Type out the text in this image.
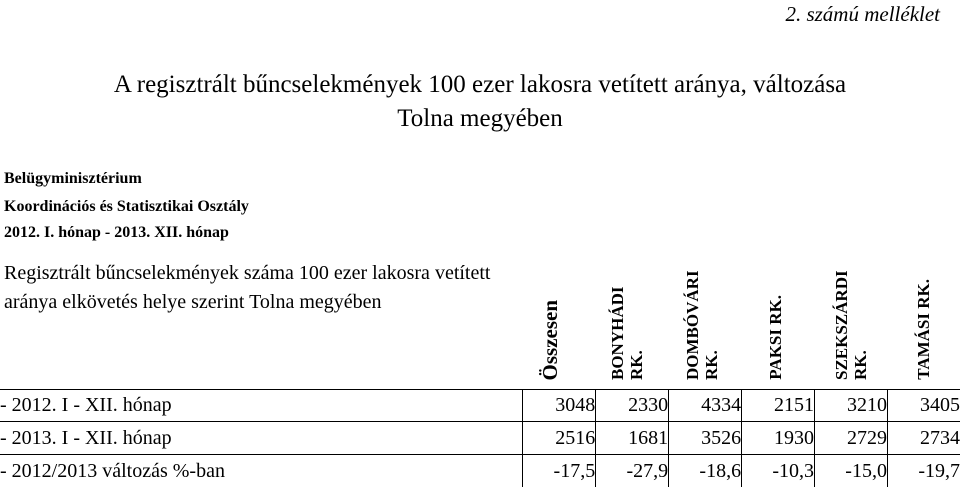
2. számú melléklet
A regisztrált bűncselekmények 100 ezer lakosra vetített aránya, változása
Tolna megyében
Belügyminisztérium
Koordinációs és Statisztikai Osztály
2012. I. hónap - 2013. XII. hónap
Regisztrált bűncselekmények száma 100 ezer lakosra vetített aránya elkövetés helye szerint Tolna megyében	Összesen	BONYHÁDI RK.	DOMBÓVÁRI RK.	PAKSI RK.	SZEKSZÁRDI RK.	TAMÁSI RK.
- 2012. I - XII. hónap	3048	2330	4334	2151	3210	3405
- 2013. I - XII. hónap	2516	1681	3526	1930	2729	2734
- 2012/2013 változás %-ban	-17,5	-27,9	-18,6	-10,3	-15,0	-19,7
